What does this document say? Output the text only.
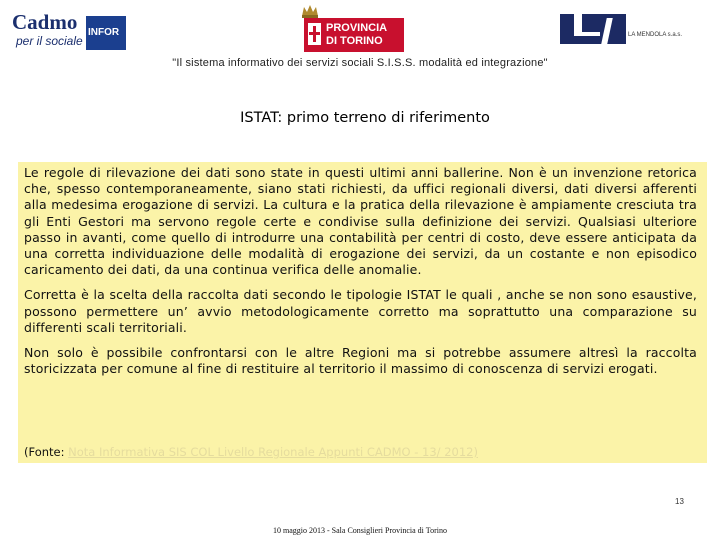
Cadmo
per il sociale
INFOR	PROVINCIA
DI TORINO	LA MENDOLA s.a.s.
"Il sistema informativo dei servizi sociali S.I.S.S. modalità ed integrazione"
ISTAT: primo terreno di riferimento

Le regole di rilevazione dei dati sono state in questi ultimi anni ballerine. Non è un invenzione retorica che, spesso contemporaneamente, siano stati richiesti, da uffici regionali diversi, dati diversi afferenti alla medesima erogazione di servizi. La cultura e la pratica della rilevazione è ampiamente cresciuta tra gli Enti Gestori ma servono regole certe e condivise sulla definizione dei servizi. Qualsiasi ulteriore passo in avanti, come quello di introdurre una contabilità per centri di costo, deve essere anticipata da una corretta individuazione delle modalità di erogazione dei servizi, da un costante e non episodico caricamento dei dati, da una continua verifica delle anomalie.

Corretta è la scelta della raccolta dati secondo le tipologie ISTAT le quali , anche se non sono esaustive, possono permettere un’ avvio metodologicamente corretto ma soprattutto una comparazione su differenti scali territoriali.

Non solo è possibile confrontarsi con le altre Regioni ma si potrebbe assumere altresì la raccolta storicizzata per comune al fine di restituire al territorio il massimo di conoscenza di servizi erogati.

(Fonte: Nota Informativa SIS COL Livello Regionale Appunti CADMO - 13/ 2012)
13
10 maggio 2013 - Sala Consiglieri Provincia di Torino
